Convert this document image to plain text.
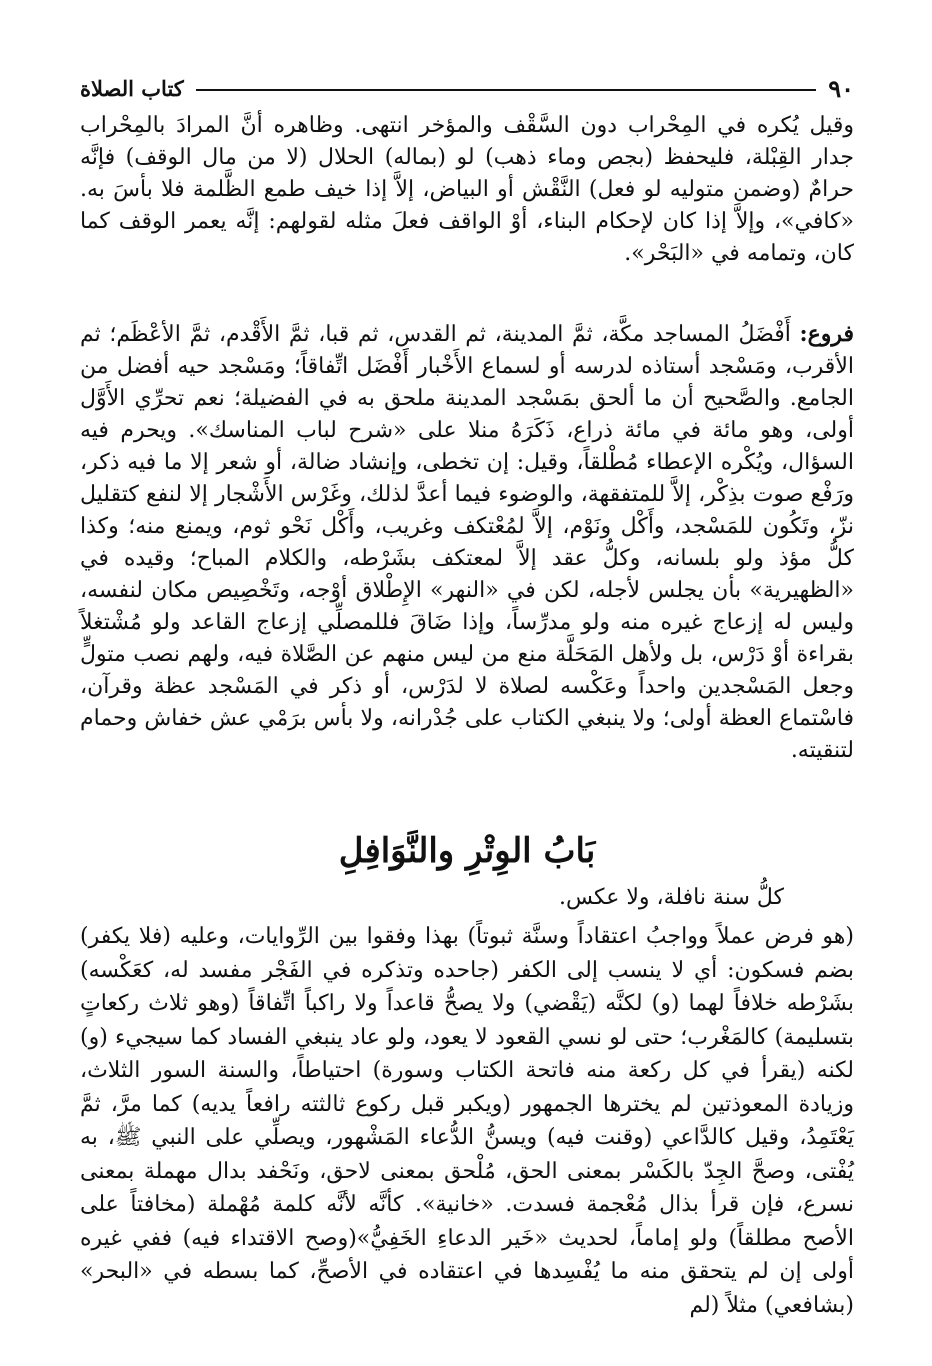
٩٠
كتاب الصلاة

وقيل يُكره في المِحْراب دون السَّقْف والمؤخر انتهى. وظاهره أنَّ المرادَ بالمِحْراب جدار القِبْلة، فليحفظ (بجص وماء ذهب) لو (بماله) الحلال (لا من مال الوقف) فإنَّه حرامٌ (وضمن متوليه لو فعل) النَّقْش أو البياض، إلاَّ إذا خيف طمع الظَّلمة فلا بأسَ به. «كافي»، وإلاَّ إذا كان لإحكام البناء، أوْ الواقف فعلَ مثله لقولهم: إنَّه يعمر الوقف كما كان، وتمامه في «البَحْر».

فروع: أَفْضَلُ المساجد مكَّة، ثمَّ المدينة، ثم القدس، ثم قبا، ثمَّ الأَقْدم، ثمَّ الأعْظَم؛ ثم الأقرب، ومَسْجد أستاذه لدرسه أو لسماع الأَخْبار أَفْضَل اتِّفاقاً؛ ومَسْجد حيه أفضل من الجامع. والصَّحيح أن ما ألحق بمَسْجد المدينة ملحق به في الفضيلة؛ نعم تحرِّي الأَوَّل أولى، وهو مائة في مائة ذراع، ذَكَرَهُ منلا على «شرح لباب المناسك». ويحرم فيه السؤال، ويُكْره الإعطاء مُطْلقاً، وقيل: إن تخطى، وإنشاد ضالة، أو شعر إلا ما فيه ذكر، ورَفْع صوت بذِكْر، إلاَّ للمتفقهة، والوضوء فيما أعدَّ لذلك، وغَرْس الأَشْجار إلا لنفع كتقليل نزّ، وتَكُون للمَسْجد، وأَكْل ونَوْم، إلاَّ لمُعْتكف وغريب، وأَكْل نَحْو ثوم، ويمنع منه؛ وكذا كلُّ مؤذ ولو بلسانه، وكلُّ عقد إلاَّ لمعتكف بشَرْطه، والكلام المباح؛ وقيده في «الظهيرية» بأن يجلس لأجله، لكن في «النهر» الإِطْلاق أوْجه، وتَخْصِيص مكان لنفسه، وليس له إزعاج غيره منه ولو مدرِّساً، وإذا ضَاقَ فللمصلِّي إزعاج القاعد ولو مُشْتغلاً بقراءة أوْ دَرْس، بل ولأهل المَحَلَّة منع من ليس منهم عن الصَّلاة فيه، ولهم نصب متولٍّ وجعل المَسْجدين واحداً وعَكْسه لصلاة لا لدَرْس، أو ذكر في المَسْجد عظة وقرآن، فاسْتماع العظة أولى؛ ولا ينبغي الكتاب على جُدْرانه، ولا بأس برَمْي عش خفاش وحمام لتنقيته.

بَابُ الوِتْرِ والنَّوَافِلِ

كلُّ سنة نافلة، ولا عكس.

(هو فرض عملاً وواجبُ اعتقاداً وسنَّة ثبوتاً) بهذا وفقوا بين الرِّوايات، وعليه (فلا يكفر) بضم فسكون: أي لا ينسب إلى الكفر (جاحده وتذكره في الفَجْر مفسد له، كعَكْسه) بشَرْطه خلافاً لهما (و) لكنَّه (يَقْضي) ولا يصحُّ قاعداً ولا راكباً اتِّفاقاً (وهو ثلاث ركعاتٍ بتسليمة) كالمَغْرب؛ حتى لو نسي القعود لا يعود، ولو عاد ينبغي الفساد كما سيجيء (و) لكنه (يقرأ في كل ركعة منه فاتحة الكتاب وسورة) احتياطاً، والسنة السور الثلاث، وزيادة المعوذتين لم يخترها الجمهور (ويكبر قبل ركوع ثالثته رافعاً يديه) كما مرَّ، ثمَّ يَعْتَمِدُ، وقيل كالدَّاعي (وقنت فيه) ويسنُّ الدُّعاء المَشْهور، ويصلِّي على النبي ﷺ، به يُفْتى، وصحَّ الجِدّ بالكَسْر بمعنى الحق، مُلْحق بمعنى لاحق، ونَحْفد بدال مهملة بمعنى نسرع، فإن قرأ بذال مُعْجمة فسدت. «خانية». كأنَّه لأنَّه كلمة مُهْملة (مخافتاً على الأصح مطلقاً) ولو إماماً، لحديث «خَير الدعاءِ الخَفِيُّ»(وصح الاقتداء فيه) ففي غيره أولى إن لم يتحقق منه ما يُفْسِدها في اعتقاده في الأصحِّ، كما بسطه في «البحر» (بشافعي) مثلاً (لم
